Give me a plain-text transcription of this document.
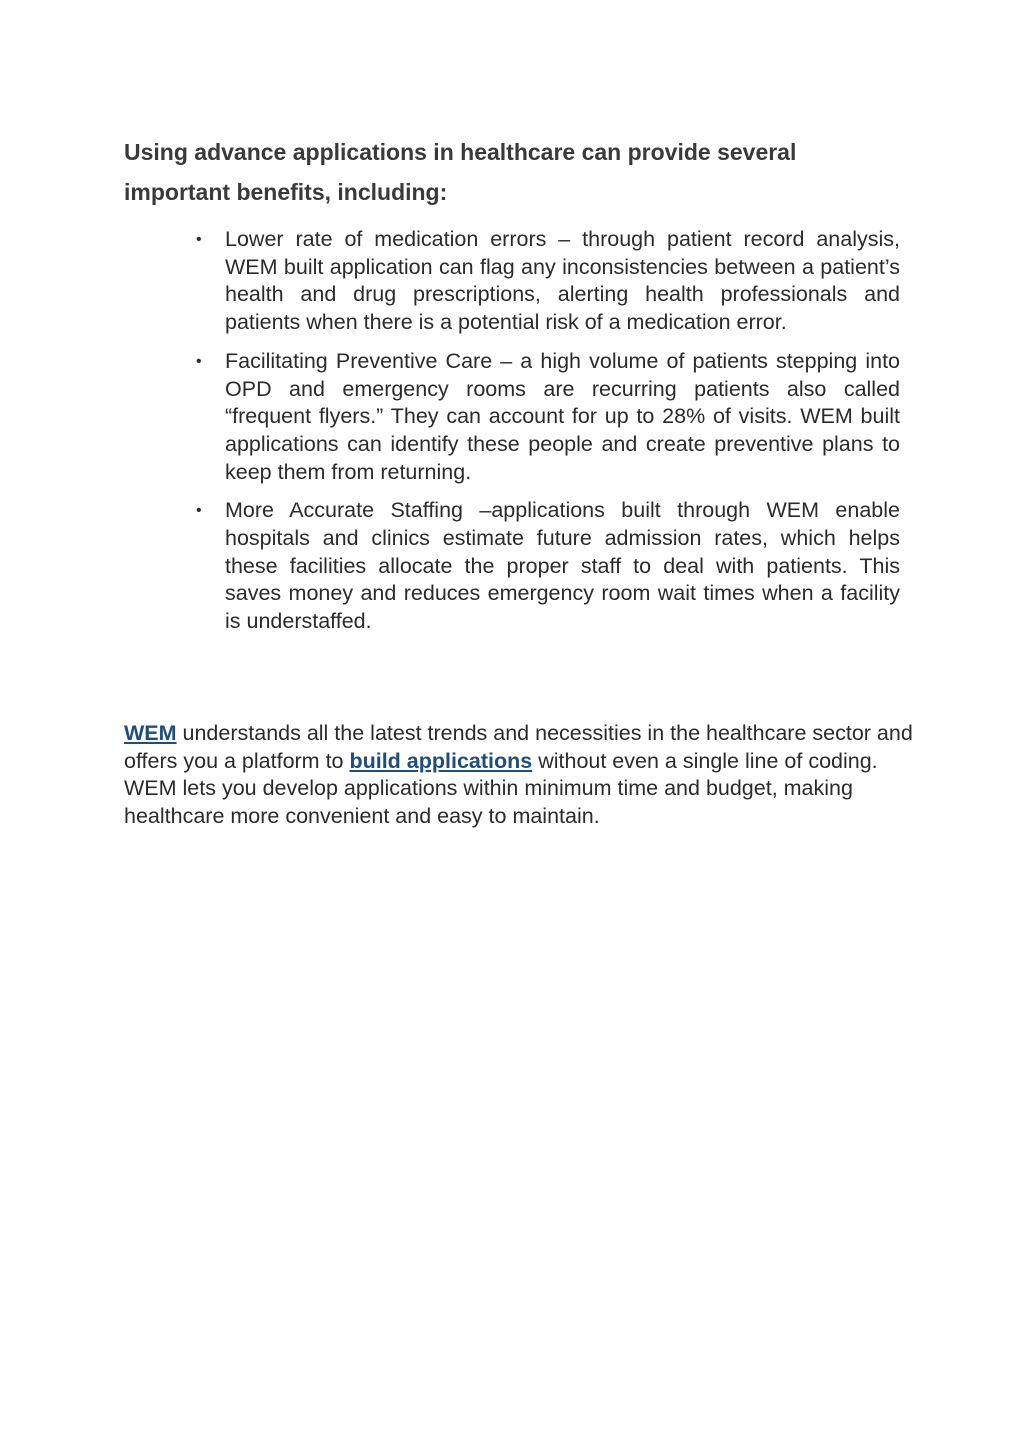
Using advance applications in healthcare can provide several important benefits, including:
• Lower rate of medication errors – through patient record analysis, WEM built application can flag any inconsistencies between a patient’s health and drug prescriptions, alerting health professionals and patients when there is a potential risk of a medication error.
• Facilitating Preventive Care – a high volume of patients stepping into OPD and emergency rooms are recurring patients also called “frequent flyers.” They can account for up to 28% of visits. WEM built applications can identify these people and create preventive plans to keep them from returning.
• More Accurate Staffing –applications built through WEM enable hospitals and clinics estimate future admission rates, which helps these facilities allocate the proper staff to deal with patients. This saves money and reduces emergency room wait times when a facility is understaffed.

WEM understands all the latest trends and necessities in the healthcare sector and offers you a platform to build applications without even a single line of coding. WEM lets you develop applications within minimum time and budget, making healthcare more convenient and easy to maintain.
